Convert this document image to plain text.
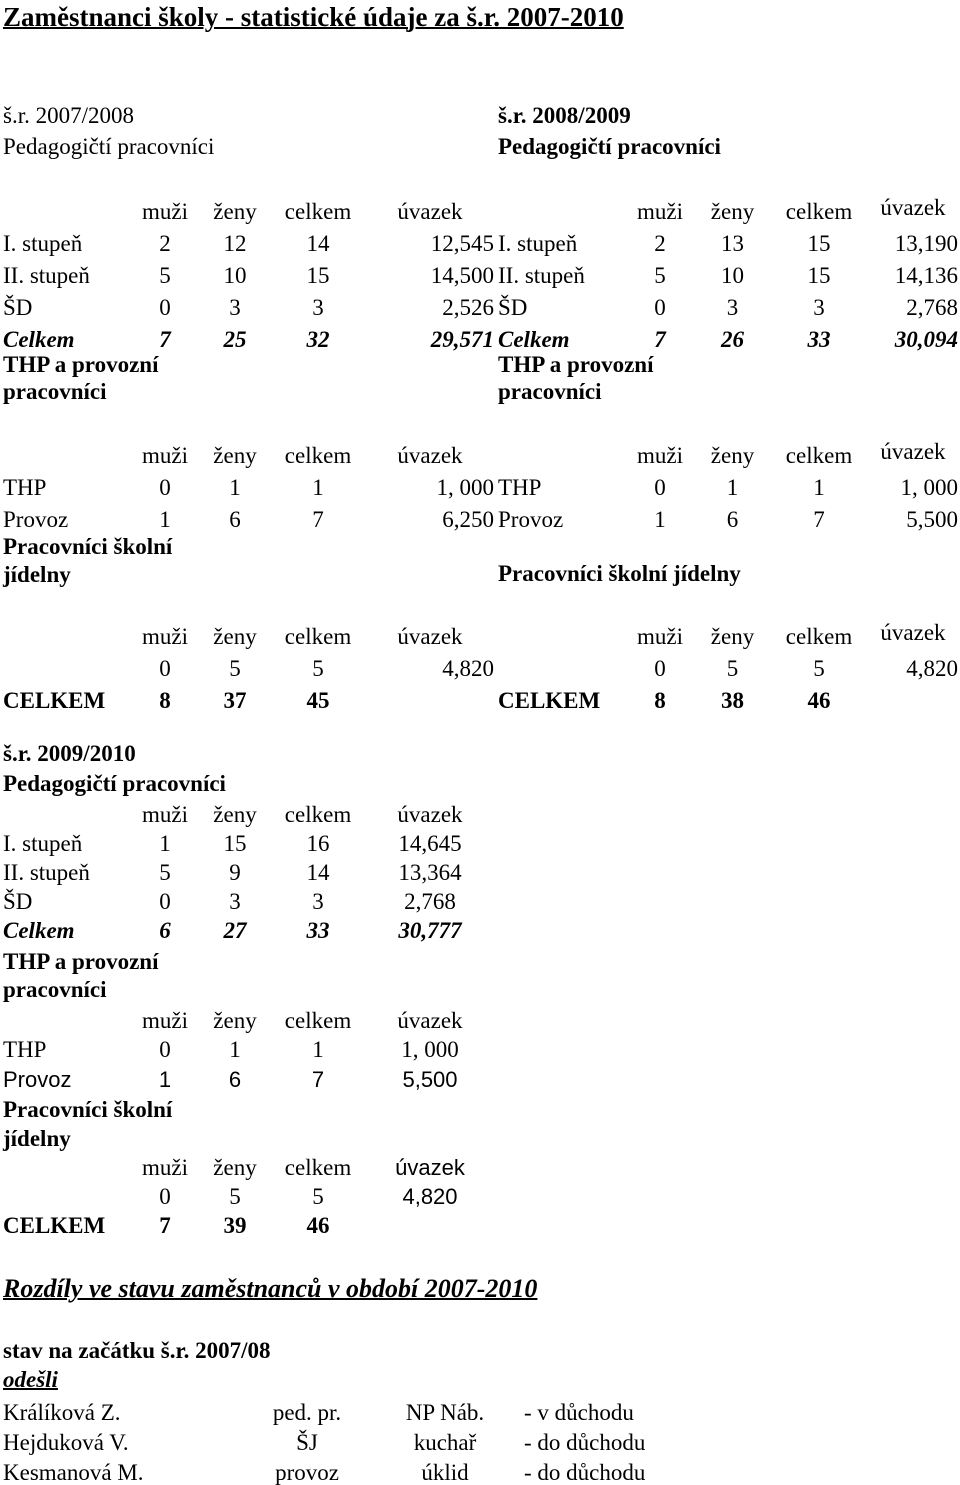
Zaměstnanci školy - statistické údaje za š.r. 2007-2010
š.r. 2007/2008
Pedagogičtí pracovníci
	muži	ženy	celkem	úvazek
I. stupeň	2	12	14	12,545
II. stupeň	5	10	15	14,500
ŠD	0	3	3	2,526
Celkem	7	25	32	29,571
THP a provozní pracovníci
	muži	ženy	celkem	úvazek
THP	0	1	1	1, 000
Provoz	1	6	7	6,250
Pracovníci školní jídelny
	muži	ženy	celkem	úvazek
	0	5	5	4,820
CELKEM	8	37	45	
š.r. 2008/2009
Pedagogičtí pracovníci
	muži	ženy	celkem	úvazek
I. stupeň	2	13	15	13,190
II. stupeň	5	10	15	14,136
ŠD	0	3	3	2,768
Celkem	7	26	33	30,094
THP a provozní pracovníci
	muži	ženy	celkem	úvazek
THP	0	1	1	1, 000
Provoz	1	6	7	5,500
Pracovníci školní jídelny
	muži	ženy	celkem	úvazek
	0	5	5	4,820
CELKEM	8	38	46	
š.r. 2009/2010
Pedagogičtí pracovníci
	muži	ženy	celkem	úvazek
I. stupeň	1	15	16	14,645
II. stupeň	5	9	14	13,364
ŠD	0	3	3	2,768
Celkem	6	27	33	30,777
THP a provozní pracovníci
	muži	ženy	celkem	úvazek
THP	0	1	1	1, 000
Provoz	1	6	7	5,500
Pracovníci školní jídelny
	muži	ženy	celkem	úvazek
	0	5	5	4,820
CELKEM	7	39	46	
Rozdíly ve stavu zaměstnanců v období 2007-2010
stav na začátku š.r. 2007/08
odešli
Králíková Z.	ped. pr.	NP Náb.	- v důchodu
Hejduková V.	ŠJ	kuchař	- do důchodu
Kesmanová M.	provoz	úklid	- do důchodu
